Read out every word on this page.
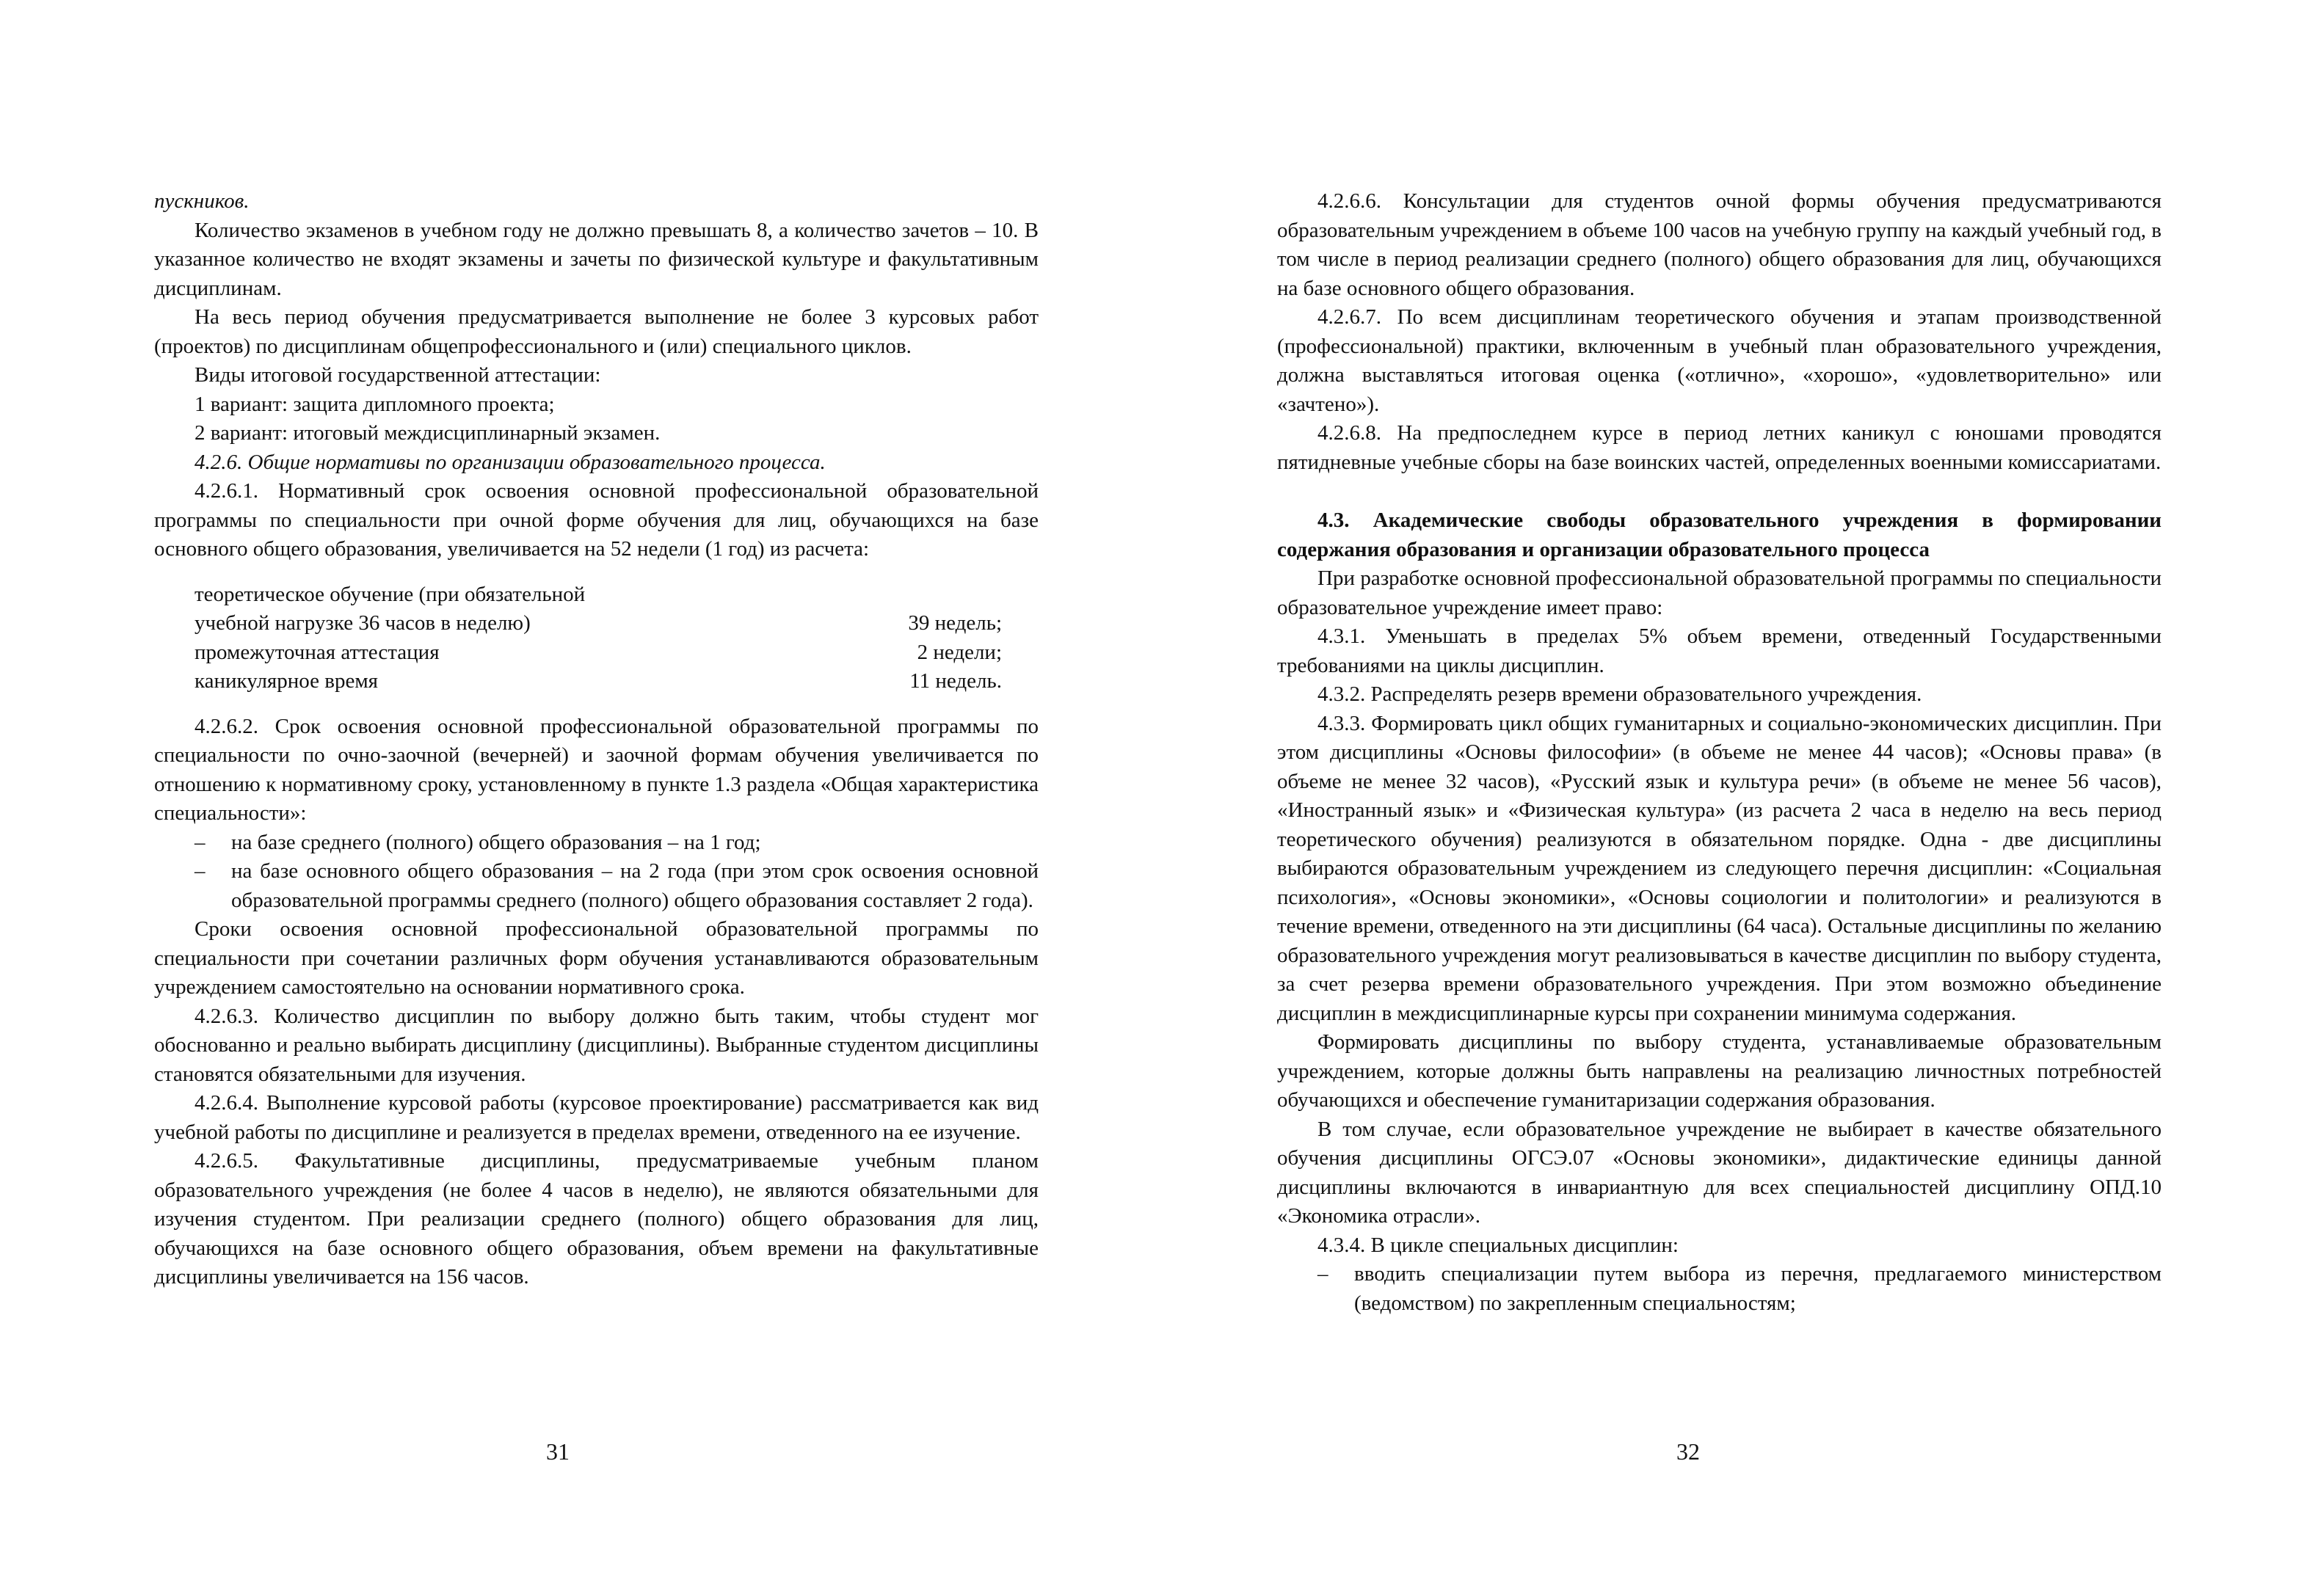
пускников.

Количество экзаменов в учебном году не должно превышать 8, а количество зачетов – 10. В указанное количество не входят экзамены и зачеты по физической культуре и факультативным дисциплинам.

На весь период обучения предусматривается выполнение не более 3 курсовых работ (проектов) по дисциплинам общепрофессионального и (или) специального циклов.

Виды итоговой государственной аттестации:

1 вариант: защита дипломного проекта;

2 вариант: итоговый междисциплинарный экзамен.

4.2.6. Общие нормативы по организации образовательного процесса.

4.2.6.1. Нормативный срок освоения основной профессиональной образовательной программы по специальности при очной форме обучения для лиц, обучающихся на базе основного общего образования, увеличивается на 52 недели (1 год) из расчета:

теоретическое обучение (при обязательной	
учебной нагрузке 36 часов в неделю)	39 недель;
промежуточная аттестация	2 недели;
каникулярное время	11 недель.

4.2.6.2. Срок освоения основной профессиональной образовательной программы по специальности по очно-заочной (вечерней) и заочной формам обучения увеличивается по отношению к нормативному сроку, установленному в пункте 1.3 раздела «Общая характеристика специальности»:

–	на базе среднего (полного) общего образования – на 1 год;
–	на базе основного общего образования – на 2 года (при этом срок освоения основной образовательной программы среднего (полного) общего образования составляет 2 года).

Сроки освоения основной профессиональной образовательной программы по специальности при сочетании различных форм обучения устанавливаются образовательным учреждением самостоятельно на основании нормативного срока.

4.2.6.3. Количество дисциплин по выбору должно быть таким, чтобы студент мог обоснованно и реально выбирать дисциплину (дисциплины). Выбранные студентом дисциплины становятся обязательными для изучения.

4.2.6.4. Выполнение курсовой работы (курсовое проектирование) рассматривается как вид учебной работы по дисциплине и реализуется в пределах времени, отведенного на ее изучение.

4.2.6.5. Факультативные дисциплины, предусматриваемые учебным планом образовательного учреждения (не более 4 часов в неделю), не являются обязательными для изучения студентом. При реализации среднего (полного) общего образования для лиц, обучающихся на базе основного общего образования, объем времени на факультативные дисциплины увеличивается на 156 часов.

31

4.2.6.6. Консультации для студентов очной формы обучения предусматриваются образовательным учреждением в объеме 100 часов на учебную группу на каждый учебный год, в том числе в период реализации среднего (полного) общего образования для лиц, обучающихся на базе основного общего образования.

4.2.6.7. По всем дисциплинам теоретического обучения и этапам производственной (профессиональной) практики, включенным в учебный план образовательного учреждения, должна выставляться итоговая оценка («отлично», «хорошо», «удовлетворительно» или «зачтено»).

4.2.6.8. На предпоследнем курсе в период летних каникул с юношами проводятся пятидневные учебные сборы на базе воинских частей, определенных военными комиссариатами.

4.3. Академические свободы образовательного учреждения в формировании содержания образования и организации образовательного процесса

При разработке основной профессиональной образовательной программы по специальности образовательное учреждение имеет право:

4.3.1. Уменьшать в пределах 5% объем времени, отведенный Государственными требованиями на циклы дисциплин.

4.3.2. Распределять резерв времени образовательного учреждения.

4.3.3. Формировать цикл общих гуманитарных и социально-экономических дисциплин. При этом дисциплины «Основы философии» (в объеме не менее 44 часов); «Основы права» (в объеме не менее 32 часов), «Русский язык и культура речи» (в объеме не менее 56 часов), «Иностранный язык» и «Физическая культура» (из расчета 2 часа в неделю на весь период теоретического обучения) реализуются в обязательном порядке. Одна - две дисциплины выбираются образовательным учреждением из следующего перечня дисциплин: «Социальная психология», «Основы экономики», «Основы социологии и политологии» и реализуются в течение времени, отведенного на эти дисциплины (64 часа). Остальные дисциплины по желанию образовательного учреждения могут реализовываться в качестве дисциплин по выбору студента, за счет резерва времени образовательного учреждения. При этом возможно объединение дисциплин в междисциплинарные курсы при сохранении минимума содержания.

Формировать дисциплины по выбору студента, устанавливаемые образовательным учреждением, которые должны быть направлены на реализацию личностных потребностей обучающихся и обеспечение гуманитаризации содержания образования.

В том случае, если образовательное учреждение не выбирает в качестве обязательного обучения дисциплины ОГСЭ.07 «Основы экономики», дидактические единицы данной дисциплины включаются в инвариантную для всех специальностей дисциплину ОПД.10 «Экономика отрасли».

4.3.4. В цикле специальных дисциплин:

–	вводить специализации путем выбора из перечня, предлагаемого министерством (ведомством) по закрепленным специальностям;
32
